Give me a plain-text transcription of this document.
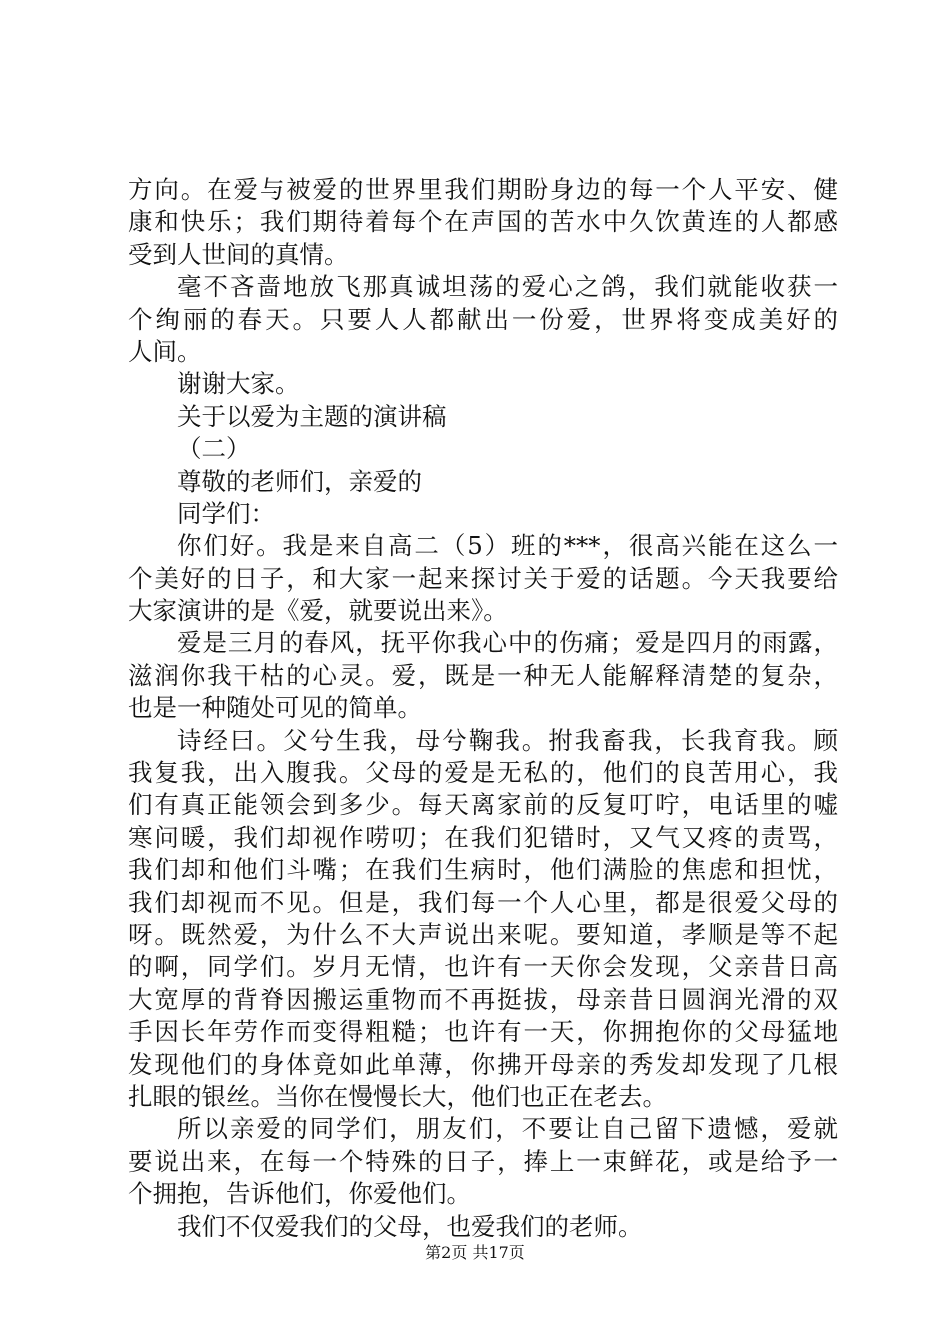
方向。在爱与被爱的世界里我们期盼身边的每一个人平安、健
康和快乐；我们期待着每个在声国的苦水中久饮黄连的人都感
受到人世间的真情。
毫不吝啬地放飞那真诚坦荡的爱心之鸽，我们就能收获一
个绚丽的春天。只要人人都献出一份爱，世界将变成美好的
人间。
谢谢大家。
关于以爱为主题的演讲稿
（二）
尊敬的老师们，亲爱的
同学们：
你们好。我是来自高二（5）班的***，很高兴能在这么一
个美好的日子，和大家一起来探讨关于爱的话题。今天我要给
大家演讲的是《爱，就要说出来》。
爱是三月的春风，抚平你我心中的伤痛；爱是四月的雨露，
滋润你我干枯的心灵。爱，既是一种无人能解释清楚的复杂，
也是一种随处可见的简单。
诗经曰。父兮生我，母兮鞠我。拊我畜我，长我育我。顾
我复我，出入腹我。父母的爱是无私的，他们的良苦用心，我
们有真正能领会到多少。每天离家前的反复叮咛，电话里的嘘
寒问暖，我们却视作唠叨；在我们犯错时，又气又疼的责骂，
我们却和他们斗嘴；在我们生病时，他们满脸的焦虑和担忧，
我们却视而不见。但是，我们每一个人心里，都是很爱父母的
呀。既然爱，为什么不大声说出来呢。要知道，孝顺是等不起
的啊，同学们。岁月无情，也许有一天你会发现，父亲昔日高
大宽厚的背脊因搬运重物而不再挺拔，母亲昔日圆润光滑的双
手因长年劳作而变得粗糙；也许有一天，你拥抱你的父母猛地
发现他们的身体竟如此单薄，你拂开母亲的秀发却发现了几根
扎眼的银丝。当你在慢慢长大，他们也正在老去。
所以亲爱的同学们，朋友们，不要让自己留下遗憾，爱就
要说出来，在每一个特殊的日子，捧上一束鲜花，或是给予一
个拥抱，告诉他们，你爱他们。
我们不仅爱我们的父母，也爱我们的老师。
第2页 共17页
